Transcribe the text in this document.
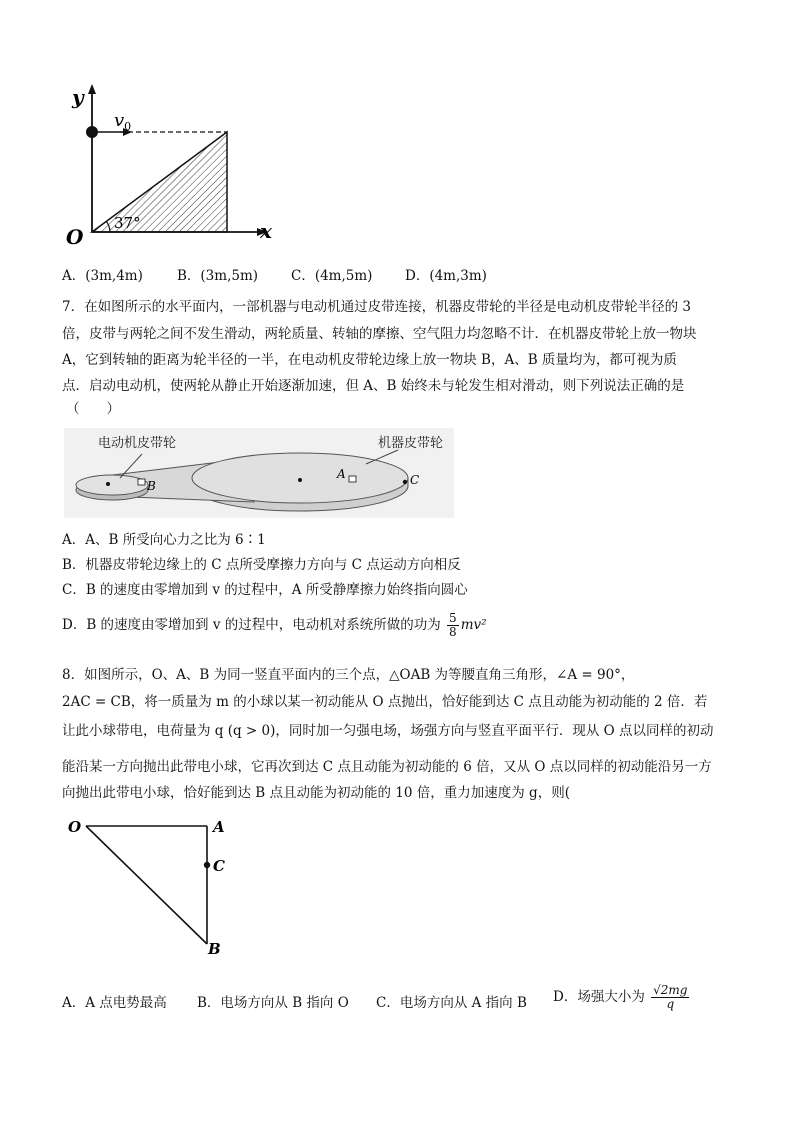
y
x
O
$v_0$
37°
A．(3m,4m)	B．(3m,5m) C．(4m,5m) D．(4m,3m)
7．在如图所示的水平面内，一部机器与电动机通过皮带连接，机器皮带轮的半径是电动机皮带轮半径的 3
倍，皮带与两轮之间不发生滑动，两轮质量、转轴的摩擦、空气阻力均忽略不计．在机器皮带轮上放一物块
A，它到转轴的距离为轮半径的一半，在电动机皮带轮边缘上放一物块 B，A、B 质量均为，都可视为质
点．启动电动机，使两轮从静止开始逐渐加速，但 A、B 始终未与轮发生相对滑动，则下列说法正确的是
（　　）
电动机皮带轮	机器皮带轮
A
B	C
A．A、B 所受向心力之比为 6∶1
B．机器皮带轮边缘上的 C 点所受摩擦力方向与 C 点运动方向相反
C．B 的速度由零增加到 v 的过程中，A 所受静摩擦力始终指向圆心
D．B 的速度由零增加到 v 的过程中，电动机对系统所做的功为 $\frac{5}{8} mv^2$
8．如图所示，O、A、B 为同一竖直平面内的三个点，△OAB 为等腰直角三角形，∠A = 90°，
2AC = CB，将一质量为 m 的小球以某一初动能从 O 点抛出，恰好能到达 C 点且动能为初动能的 2 倍．若
让此小球带电，电荷量为 q (q > 0)，同时加一匀强电场，场强方向与竖直平面平行．现从 O 点以同样的初动
能沿某一方向抛出此带电小球，它再次到达 C 点且动能为初动能的 6 倍，又从 O 点以同样的初动能沿另一方
向抛出此带电小球，恰好能到达 B 点且动能为初动能的 10 倍，重力加速度为 g，则(
O	A
C
B
A．A 点电势最高 B．电场方向从 B 指向 O C．电场方向从 A 指向 B D．场强大小为 $\frac{√2mg}{q}$
